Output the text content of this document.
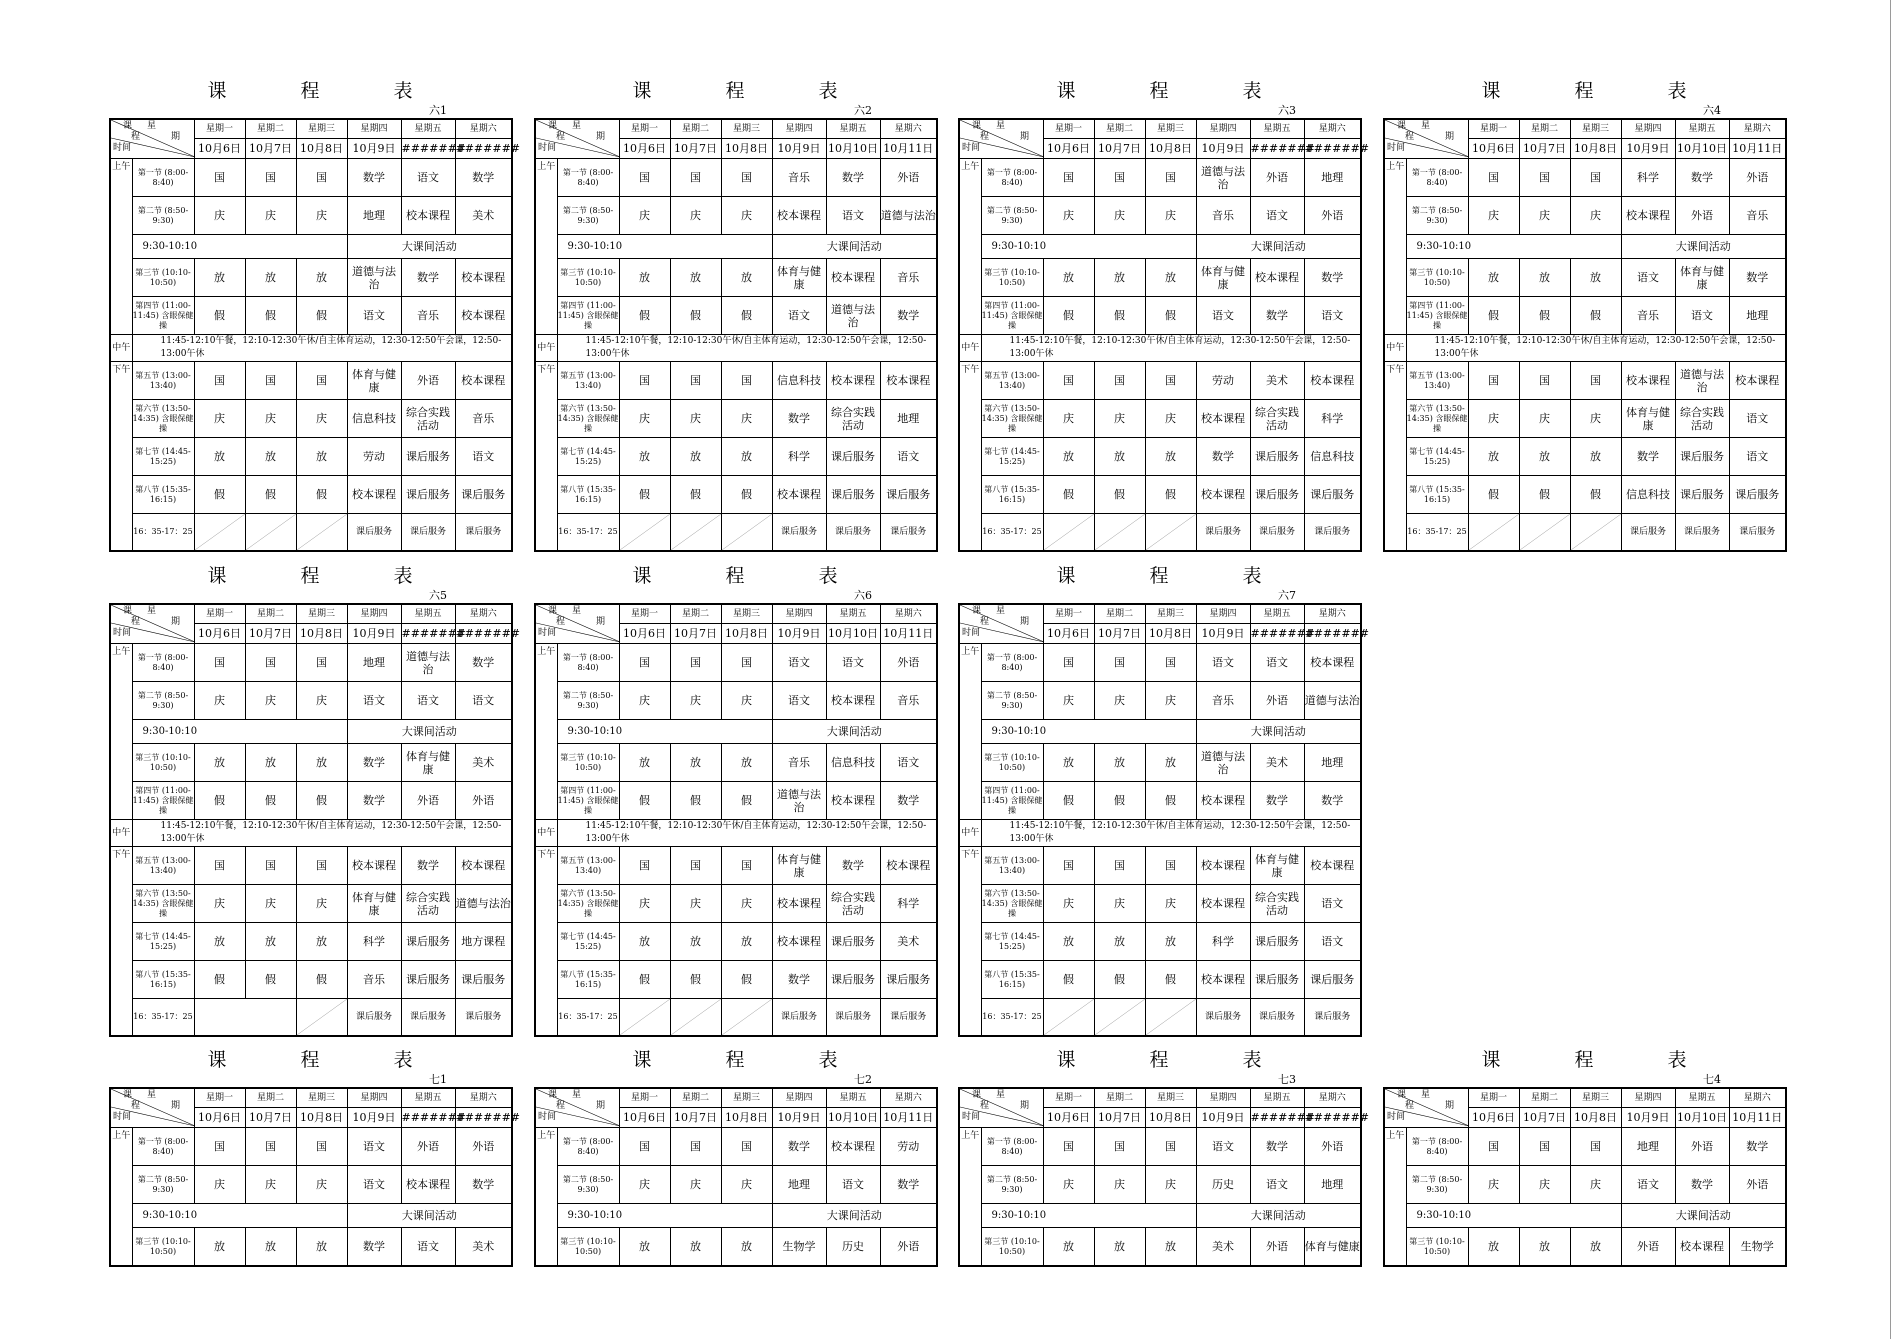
课 程 表
六1
课 星
程 期
时间		星期一	星期二	星期三	星期四	星期五	星期六
		10月6日	10月7日	10月8日	10月9日	#######	#######
上午	第一节 (8:00-8:40)	国	国	国	数学	语文	数学
	第二节 (8:50-9:30)	庆	庆	庆	地理	校本课程	美术
	9:30-10:10				大课间活动		
	第三节 (10:10-10:50)	放	放	放	道德与法治	数学	校本课程
	第四节 (11:00-11:45) 含眼保健操	假	假	假	语文	音乐	校本课程
中午	11:45-12:10午餐，12:10-12:30午休/自主体育运动，12:30-12:50午会课，12:50-13:00午休						
下午	第五节 (13:00-13:40)	国	国	国	体育与健康	外语	校本课程
	第六节 (13:50-14:35) 含眼保健操	庆	庆	庆	信息科技	综合实践活动	音乐
	第七节 (14:45-15:25)	放	放	放	劳动	课后服务	语文
	第八节 (15:35-16:15)	假	假	假	校本课程	课后服务	课后服务
	16：35-17：25				课后服务	课后服务	课后服务
课 程 表
六2
课 星
程 期
时间		星期一	星期二	星期三	星期四	星期五	星期六
		10月6日	10月7日	10月8日	10月9日	10月10日	10月11日
上午	第一节 (8:00-8:40)	国	国	国	音乐	数学	外语
	第二节 (8:50-9:30)	庆	庆	庆	校本课程	语文	道德与法治
	9:30-10:10				大课间活动		
	第三节 (10:10-10:50)	放	放	放	体育与健康	校本课程	音乐
	第四节 (11:00-11:45) 含眼保健操	假	假	假	语文	道德与法治	数学
中午	11:45-12:10午餐，12:10-12:30午休/自主体育运动，12:30-12:50午会课，12:50-13:00午休						
下午	第五节 (13:00-13:40)	国	国	国	信息科技	校本课程	校本课程
	第六节 (13:50-14:35) 含眼保健操	庆	庆	庆	数学	综合实践活动	地理
	第七节 (14:45-15:25)	放	放	放	科学	课后服务	语文
	第八节 (15:35-16:15)	假	假	假	校本课程	课后服务	课后服务
	16：35-17：25				课后服务	课后服务	课后服务
课 程 表
六3
课 星
程 期
时间		星期一	星期二	星期三	星期四	星期五	星期六
		10月6日	10月7日	10月8日	10月9日	#######	#######
上午	第一节 (8:00-8:40)	国	国	国	道德与法治	外语	地理
	第二节 (8:50-9:30)	庆	庆	庆	音乐	语文	外语
	9:30-10:10				大课间活动		
	第三节 (10:10-10:50)	放	放	放	体育与健康	校本课程	数学
	第四节 (11:00-11:45) 含眼保健操	假	假	假	语文	数学	语文
中午	11:45-12:10午餐，12:10-12:30午休/自主体育运动，12:30-12:50午会课，12:50-13:00午休						
下午	第五节 (13:00-13:40)	国	国	国	劳动	美术	校本课程
	第六节 (13:50-14:35) 含眼保健操	庆	庆	庆	校本课程	综合实践活动	科学
	第七节 (14:45-15:25)	放	放	放	数学	课后服务	信息科技
	第八节 (15:35-16:15)	假	假	假	校本课程	课后服务	课后服务
	16：35-17：25				课后服务	课后服务	课后服务
课 程 表
六4
课 星
程 期
时间		星期一	星期二	星期三	星期四	星期五	星期六
		10月6日	10月7日	10月8日	10月9日	10月10日	10月11日
上午	第一节 (8:00-8:40)	国	国	国	科学	数学	外语
	第二节 (8:50-9:30)	庆	庆	庆	校本课程	外语	音乐
	9:30-10:10				大课间活动		
	第三节 (10:10-10:50)	放	放	放	语文	体育与健康	数学
	第四节 (11:00-11:45) 含眼保健操	假	假	假	音乐	语文	地理
中午	11:45-12:10午餐，12:10-12:30午休/自主体育运动，12:30-12:50午会课，12:50-13:00午休						
下午	第五节 (13:00-13:40)	国	国	国	校本课程	道德与法治	校本课程
	第六节 (13:50-14:35) 含眼保健操	庆	庆	庆	体育与健康	综合实践活动	语文
	第七节 (14:45-15:25)	放	放	放	数学	课后服务	语文
	第八节 (15:35-16:15)	假	假	假	信息科技	课后服务	课后服务
	16：35-17：25				课后服务	课后服务	课后服务
课 程 表
六5
课 星
程 期
时间		星期一	星期二	星期三	星期四	星期五	星期六
		10月6日	10月7日	10月8日	10月9日	#######	#######
上午	第一节 (8:00-8:40)	国	国	国	地理	道德与法治	数学
	第二节 (8:50-9:30)	庆	庆	庆	语文	语文	语文
	9:30-10:10				大课间活动		
	第三节 (10:10-10:50)	放	放	放	数学	体育与健康	美术
	第四节 (11:00-11:45) 含眼保健操	假	假	假	数学	外语	外语
中午	11:45-12:10午餐，12:10-12:30午休/自主体育运动，12:30-12:50午会课，12:50-13:00午休						
下午	第五节 (13:00-13:40)	国	国	国	校本课程	数学	校本课程
	第六节 (13:50-14:35) 含眼保健操	庆	庆	庆	体育与健康	综合实践活动	道德与法治
	第七节 (14:45-15:25)	放	放	放	科学	课后服务	地方课程
	第八节 (15:35-16:15)	假	假	假	音乐	课后服务	课后服务
	16：35-17：25				课后服务	课后服务	课后服务
课 程 表
六6
课 星
程 期
时间		星期一	星期二	星期三	星期四	星期五	星期六
		10月6日	10月7日	10月8日	10月9日	10月10日	10月11日
上午	第一节 (8:00-8:40)	国	国	国	语文	语文	外语
	第二节 (8:50-9:30)	庆	庆	庆	语文	校本课程	音乐
	9:30-10:10				大课间活动		
	第三节 (10:10-10:50)	放	放	放	音乐	信息科技	语文
	第四节 (11:00-11:45) 含眼保健操	假	假	假	道德与法治	校本课程	数学
中午	11:45-12:10午餐，12:10-12:30午休/自主体育运动，12:30-12:50午会课，12:50-13:00午休						
下午	第五节 (13:00-13:40)	国	国	国	体育与健康	数学	校本课程
	第六节 (13:50-14:35) 含眼保健操	庆	庆	庆	校本课程	综合实践活动	科学
	第七节 (14:45-15:25)	放	放	放	校本课程	课后服务	美术
	第八节 (15:35-16:15)	假	假	假	数学	课后服务	课后服务
	16：35-17：25				课后服务	课后服务	课后服务
课 程 表
六7
课 星
程 期
时间		星期一	星期二	星期三	星期四	星期五	星期六
		10月6日	10月7日	10月8日	10月9日	#######	#######
上午	第一节 (8:00-8:40)	国	国	国	语文	语文	校本课程
	第二节 (8:50-9:30)	庆	庆	庆	音乐	外语	道德与法治
	9:30-10:10				大课间活动		
	第三节 (10:10-10:50)	放	放	放	道德与法治	美术	地理
	第四节 (11:00-11:45) 含眼保健操	假	假	假	校本课程	数学	数学
中午	11:45-12:10午餐，12:10-12:30午休/自主体育运动，12:30-12:50午会课，12:50-13:00午休						
下午	第五节 (13:00-13:40)	国	国	国	校本课程	体育与健康	校本课程
	第六节 (13:50-14:35) 含眼保健操	庆	庆	庆	校本课程	综合实践活动	语文
	第七节 (14:45-15:25)	放	放	放	科学	课后服务	语文
	第八节 (15:35-16:15)	假	假	假	校本课程	课后服务	课后服务
	16：35-17：25				课后服务	课后服务	课后服务
课 程 表
七1
课 星
程 期
时间		星期一	星期二	星期三	星期四	星期五	星期六
		10月6日	10月7日	10月8日	10月9日	#######	#######
上午	第一节 (8:00-8:40)	国	国	国	语文	外语	外语
	第二节 (8:50-9:30)	庆	庆	庆	语文	校本课程	数学
	9:30-10:10				大课间活动		
	第三节 (10:10-10:50)	放	放	放	数学	语文	美术
课 程 表
七2
课 星
程 期
时间		星期一	星期二	星期三	星期四	星期五	星期六
		10月6日	10月7日	10月8日	10月9日	10月10日	10月11日
上午	第一节 (8:00-8:40)	国	国	国	数学	校本课程	劳动
	第二节 (8:50-9:30)	庆	庆	庆	地理	语文	数学
	9:30-10:10				大课间活动		
	第三节 (10:10-10:50)	放	放	放	生物学	历史	外语
课 程 表
七3
课 星
程 期
时间		星期一	星期二	星期三	星期四	星期五	星期六
		10月6日	10月7日	10月8日	10月9日	#######	#######
上午	第一节 (8:00-8:40)	国	国	国	语文	数学	外语
	第二节 (8:50-9:30)	庆	庆	庆	历史	语文	地理
	9:30-10:10				大课间活动		
	第三节 (10:10-10:50)	放	放	放	美术	外语	体育与健康
课 程 表
七4
课 星
程 期
时间		星期一	星期二	星期三	星期四	星期五	星期六
		10月6日	10月7日	10月8日	10月9日	10月10日	10月11日
上午	第一节 (8:00-8:40)	国	国	国	地理	外语	数学
	第二节 (8:50-9:30)	庆	庆	庆	语文	数学	外语
	9:30-10:10				大课间活动		
	第三节 (10:10-10:50)	放	放	放	外语	校本课程	生物学
